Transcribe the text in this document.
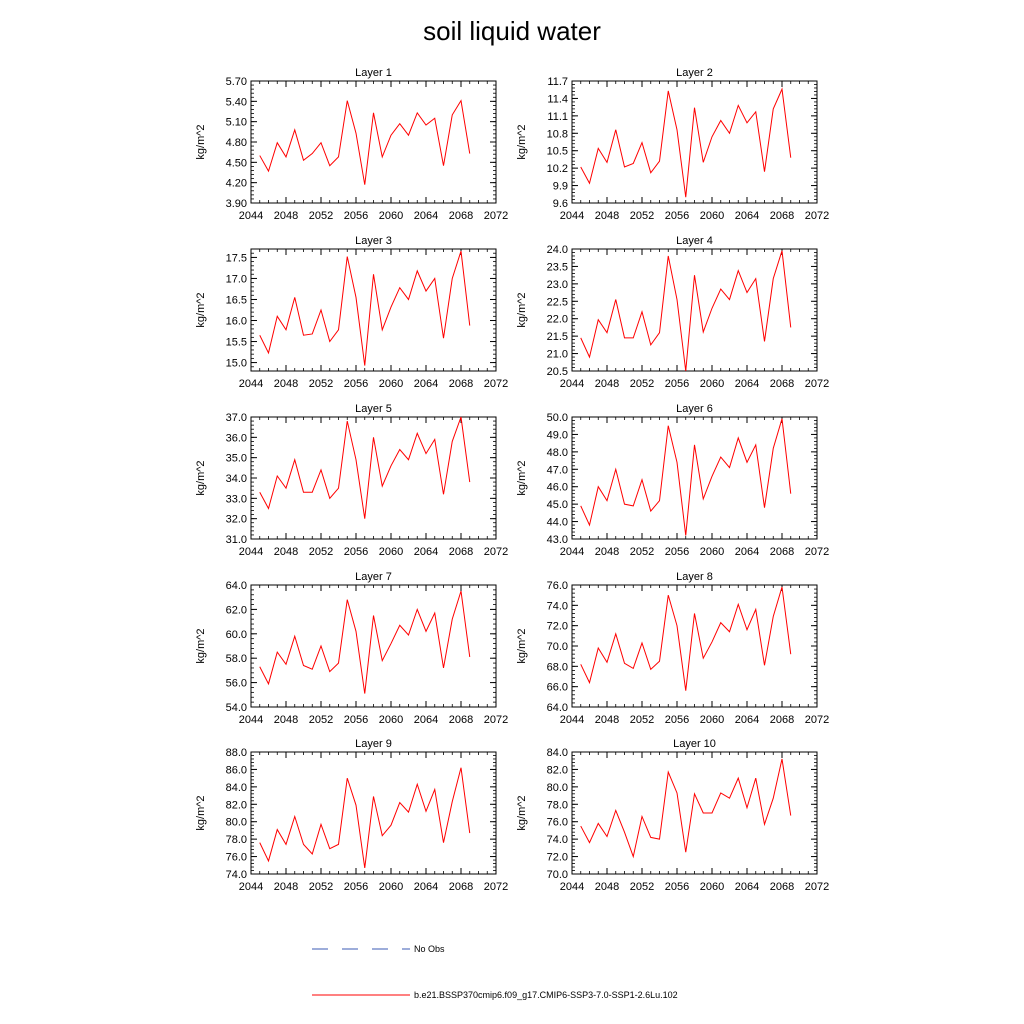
soil liquid water
Layer 1
2044 2048 2052 2056 2060 2064 2068 2072
3.90
4.20
4.50
4.80
5.10
5.40
5.70
kg/m^2
Layer 2
2044 2048 2052 2056 2060 2064 2068 2072
9.6
9.9
10.2
10.5
10.8
11.1
11.4
11.7
kg/m^2
Layer 3
2044 2048 2052 2056 2060 2064 2068 2072
15.0
15.5
16.0
16.5
17.0
17.5
kg/m^2
Layer 4
2044 2048 2052 2056 2060 2064 2068 2072
20.5
21.0
21.5
22.0
22.5
23.0
23.5
24.0
kg/m^2
Layer 5
2044 2048 2052 2056 2060 2064 2068 2072
31.0
32.0
33.0
34.0
35.0
36.0
37.0
kg/m^2
Layer 6
2044 2048 2052 2056 2060 2064 2068 2072
43.0
44.0
45.0
46.0
47.0
48.0
49.0
50.0
kg/m^2
Layer 7
2044 2048 2052 2056 2060 2064 2068 2072
54.0
56.0
58.0
60.0
62.0
64.0
kg/m^2
Layer 8
2044 2048 2052 2056 2060 2064 2068 2072
64.0
66.0
68.0
70.0
72.0
74.0
76.0
kg/m^2
Layer 9
2044 2048 2052 2056 2060 2064 2068 2072
74.0
76.0
78.0
80.0
82.0
84.0
86.0
88.0
kg/m^2
Layer 10
2044 2048 2052 2056 2060 2064 2068 2072
70.0
72.0
74.0
76.0
78.0
80.0
82.0
84.0
kg/m^2
No Obs
b.e21.BSSP370cmip6.f09_g17.CMIP6-SSP3-7.0-SSP1-2.6Lu.102
